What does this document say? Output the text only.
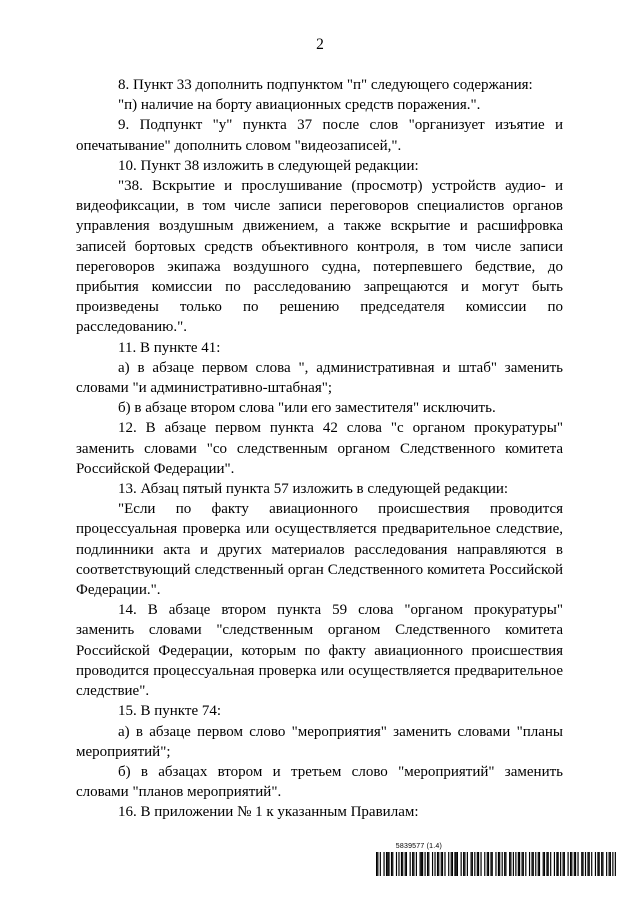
2

8. Пункт 33 дополнить подпунктом "п" следующего содержания:

"п) наличие на борту авиационных средств поражения.".

9. Подпункт "у" пункта 37 после слов "организует изъятие и опечатывание" дополнить словом "видеозаписей,".

10. Пункт 38 изложить в следующей редакции:

"38. Вскрытие и прослушивание (просмотр) устройств аудио- и видеофиксации, в том числе записи переговоров специалистов органов управления воздушным движением, а также вскрытие и расшифровка записей бортовых средств объективного контроля, в том числе записи переговоров экипажа воздушного судна, потерпевшего бедствие, до прибытия комиссии по расследованию запрещаются и могут быть произведены только по решению председателя комиссии по расследованию.".

11. В пункте 41:

а) в абзаце первом слова ", административная и штаб" заменить словами "и административно-штабная";

б) в абзаце втором слова "или его заместителя" исключить.

12. В абзаце первом пункта 42 слова "с органом прокуратуры" заменить словами "со следственным органом Следственного комитета Российской Федерации".

13. Абзац пятый пункта 57 изложить в следующей редакции:

"Если по факту авиационного происшествия проводится процессуальная проверка или осуществляется предварительное следствие, подлинники акта и других материалов расследования направляются в соответствующий следственный орган Следственного комитета Российской Федерации.".

14. В абзаце втором пункта 59 слова "органом прокуратуры" заменить словами "следственным органом Следственного комитета Российской Федерации, которым по факту авиационного происшествия проводится процессуальная проверка или осуществляется предварительное следствие".

15. В пункте 74:

а) в абзаце первом слово "мероприятия" заменить словами "планы мероприятий";

б) в абзацах втором и третьем слово "мероприятий" заменить словами "планов мероприятий".

16. В приложении № 1 к указанным Правилам:

5839577 (1.4)
